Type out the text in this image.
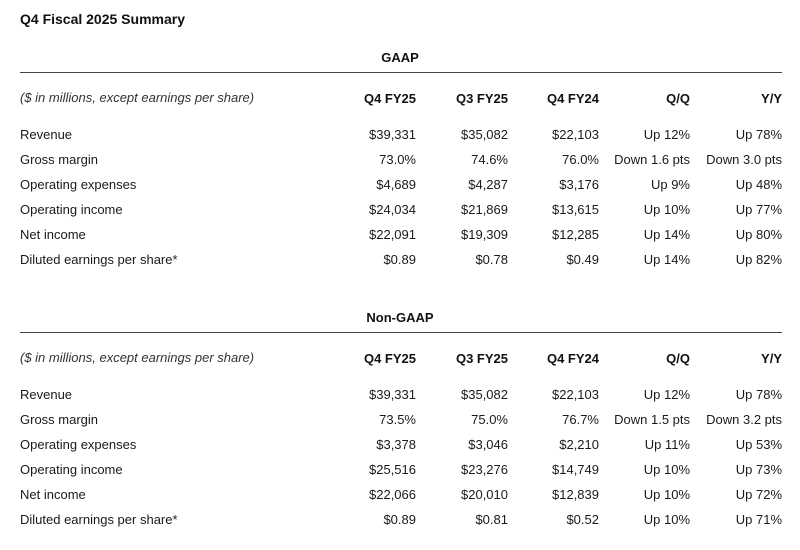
Q4 Fiscal 2025 Summary
GAAP
($ in millions, except earnings per share)	Q4 FY25	Q3 FY25	Q4 FY24	Q/Q	Y/Y
Revenue	$39,331	$35,082	$22,103	Up 12%	Up 78%
Gross margin	73.0%	74.6%	76.0%	Down 1.6 pts	Down 3.0 pts
Operating expenses	$4,689	$4,287	$3,176	Up 9%	Up 48%
Operating income	$24,034	$21,869	$13,615	Up 10%	Up 77%
Net income	$22,091	$19,309	$12,285	Up 14%	Up 80%
Diluted earnings per share*	$0.89	$0.78	$0.49	Up 14%	Up 82%
Non-GAAP
($ in millions, except earnings per share)	Q4 FY25	Q3 FY25	Q4 FY24	Q/Q	Y/Y
Revenue	$39,331	$35,082	$22,103	Up 12%	Up 78%
Gross margin	73.5%	75.0%	76.7%	Down 1.5 pts	Down 3.2 pts
Operating expenses	$3,378	$3,046	$2,210	Up 11%	Up 53%
Operating income	$25,516	$23,276	$14,749	Up 10%	Up 73%
Net income	$22,066	$20,010	$12,839	Up 10%	Up 72%
Diluted earnings per share*	$0.89	$0.81	$0.52	Up 10%	Up 71%
